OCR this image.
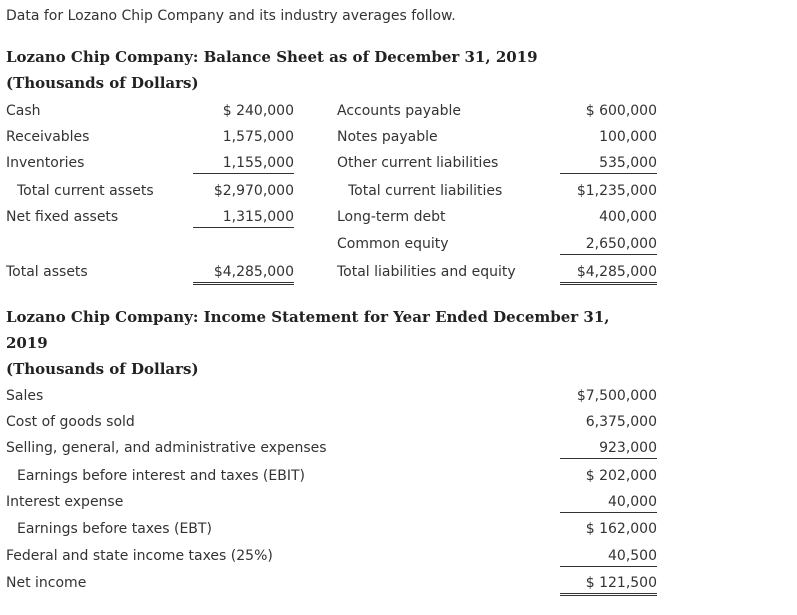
Data for Lozano Chip Company and its industry averages follow.
Lozano Chip Company: Balance Sheet as of December 31, 2019
(Thousands of Dollars)
Cash
Receivables
Inventories
Total current assets
Net fixed assets
Total assets
$ 240,000
1,575,000
1,155,000
$2,970,000
1,315,000
$4,285,000
Accounts payable
Notes payable
Other current liabilities
Total current liabilities
Long-term debt
Common equity
Total liabilities and equity
$ 600,000
100,000
535,000
$1,235,000
400,000
2,650,000
$4,285,000
Lozano Chip Company: Income Statement for Year Ended December 31,
2019
(Thousands of Dollars)
Sales
Cost of goods sold
Selling, general, and administrative expenses
Earnings before interest and taxes (EBIT)
Interest expense
Earnings before taxes (EBT)
Federal and state income taxes (25%)
Net income
$7,500,000
6,375,000
923,000
$ 202,000
40,000
$ 162,000
40,500
$ 121,500
